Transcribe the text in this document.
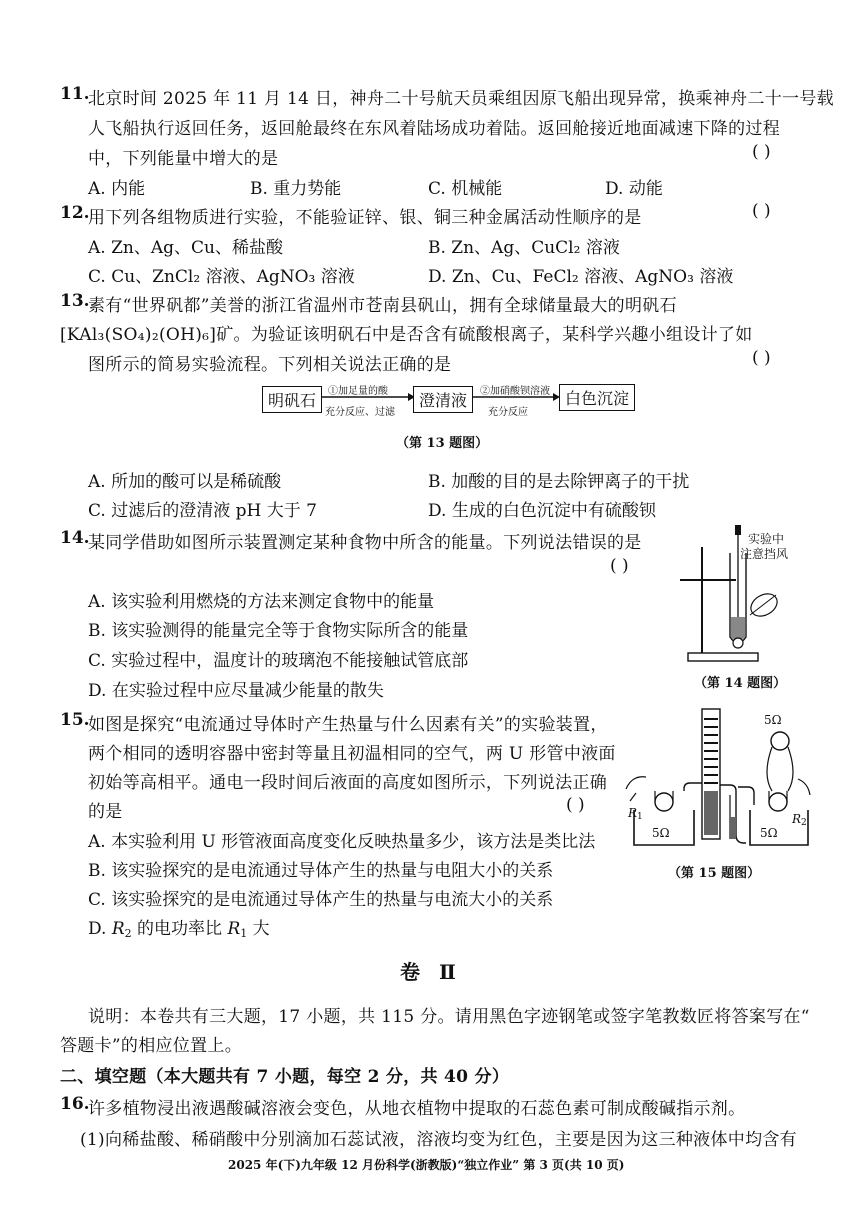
11.
北京时间 2025 年 11 月 14 日，神舟二十号航天员乘组因原飞船出现异常，换乘神舟二十一号载
人飞船执行返回任务，返回舱最终在东风着陆场成功着陆。返回舱接近地面减速下降的过程
中，下列能量中增大的是	( )
A. 内能	B. 重力势能	C. 机械能	D. 动能
12.
用下列各组物质进行实验，不能验证锌、银、铜三种金属活动性顺序的是	( )
A. Zn、Ag、Cu、稀盐酸	B. Zn、Ag、CuCl₂ 溶液
C. Cu、ZnCl₂ 溶液、AgNO₃ 溶液	D. Zn、Cu、FeCl₂ 溶液、AgNO₃ 溶液
13.
素有“世界矾都”美誉的浙江省温州市苍南县矾山，拥有全球储量最大的明矾石
[KAl₃(SO₄)₂(OH)₆]矿。为验证该明矾石中是否含有硫酸根离子，某科学兴趣小组设计了如
图所示的简易实验流程。下列相关说法正确的是	( )
明矾石	①加足量的酸
充分反应、过滤
澄清液	②加硝酸钡溶液
充分反应
白色沉淀
（第 13 题图）
A. 所加的酸可以是稀硫酸	B. 加酸的目的是去除钾离子的干扰
C. 过滤后的澄清液 pH 大于 7	D. 生成的白色沉淀中有硫酸钡
14.
某同学借助如图所示装置测定某种食物中所含的能量。下列说法错误的是
( )
A. 该实验利用燃烧的方法来测定食物中的能量
B. 该实验测得的能量完全等于食物实际所含的能量
C. 实验过程中，温度计的玻璃泡不能接触试管底部
D. 在实验过程中应尽量减少能量的散失
实验中
注意挡风
（第 14 题图）
15.
如图是探究“电流通过导体时产生热量与什么因素有关”的实验装置，
两个相同的透明容器中密封等量且初温相同的空气，两 U 形管中液面
初始等高相平。通电一段时间后液面的高度如图所示，下列说法正确
的是	( )
A. 本实验利用 U 形管液面高度变化反映热量多少，该方法是类比法
B. 该实验探究的是电流通过导体产生的热量与电阻大小的关系
C. 该实验探究的是电流通过导体产生的热量与电流大小的关系
D. $R_2$ 的电功率比 $R_1$ 大
5Ω
5Ω	5Ω
R1	R2
（第 15 题图）
卷 Ⅱ
说明：本卷共有三大题，17 小题，共 115 分。请用黑色字迹钢笔或签字笔教数匠将答案写在“
答题卡”的相应位置上。
二、填空题（本大题共有 7 小题，每空 2 分，共 40 分）
16.
许多植物浸出液遇酸碱溶液会变色，从地衣植物中提取的石蕊色素可制成酸碱指示剂。
(1)向稀盐酸、稀硝酸中分别滴加石蕊试液，溶液均变为红色，主要是因为这三种液体中均含有
2025 年(下)九年级 12 月份科学(浙教版)“独立作业” 第 3 页(共 10 页)
